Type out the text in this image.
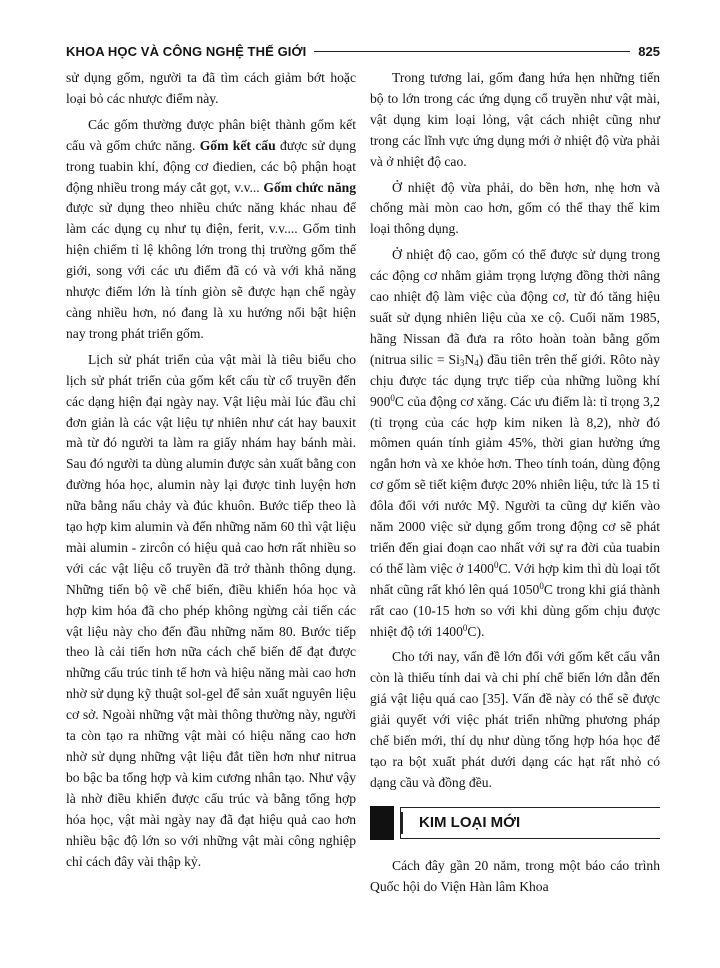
KHOA HỌC VÀ CÔNG NGHỆ THẾ GIỚI	825

sử dụng gốm, người ta đã tìm cách giảm bớt hoặc loại bỏ các nhược điểm này.

Các gốm thường được phân biệt thành gốm kết cấu và gốm chức năng. Gốm kết cấu được sử dụng trong tuabin khí, động cơ điedien, các bộ phận hoạt động nhiều trong máy cắt gọt, v.v... Gốm chức năng được sử dụng theo nhiều chức năng khác nhau để làm các dụng cụ như tụ điện, ferit, v.v.... Gốm tinh hiện chiếm tỉ lệ không lớn trong thị trường gốm thế giới, song với các ưu điểm đã có và với khả năng nhược điểm lớn là tính giòn sẽ được hạn chế ngày càng nhiều hơn, nó đang là xu hướng nổi bật hiện nay trong phát triển gốm.

Lịch sử phát triển của vật mài là tiêu biểu cho lịch sử phát triển của gốm kết cấu từ cổ truyền đến các dạng hiện đại ngày nay. Vật liệu mài lúc đầu chỉ đơn giản là các vật liệu tự nhiên như cát hay bauxit mà từ đó người ta làm ra giấy nhám hay bánh mài. Sau đó người ta dùng alumin được sản xuất bằng con đường hóa học, alumin này lại được tinh luyện hơn nữa bằng nấu chảy và đúc khuôn. Bước tiếp theo là tạo hợp kim alumin và đến những năm 60 thì vật liệu mài alumin - zircôn có hiệu quả cao hơn rất nhiều so với các vật liệu cổ truyền đã trở thành thông dụng. Những tiến bộ về chế biến, điều khiển hóa học và hợp kim hóa đã cho phép không ngừng cải tiến các vật liệu này cho đến đầu những năm 80. Bước tiếp theo là cải tiến hơn nữa cách chế biến để đạt được những cấu trúc tinh tế hơn và hiệu năng mài cao hơn nhờ sử dụng kỹ thuật sol-gel để sản xuất nguyên liệu cơ sở. Ngoài những vật mài thông thường này, người ta còn tạo ra những vật mài có hiệu năng cao hơn nhờ sử dụng những vật liệu đắt tiền hơn như nitrua bo bậc ba tổng hợp và kim cương nhân tạo. Như vậy là nhờ điều khiển được cấu trúc và bằng tổng hợp hóa học, vật mài ngày nay đã đạt hiệu quả cao hơn nhiều bậc độ lớn so với những vật mài công nghiệp chỉ cách đây vài thập kỷ.

Trong tương lai, gốm đang hứa hẹn những tiến bộ to lớn trong các ứng dụng cổ truyền như vật mài, vật dụng kim loại lỏng, vật cách nhiệt cũng như trong các lĩnh vực ứng dụng mới ở nhiệt độ vừa phải và ở nhiệt độ cao.

Ở nhiệt độ vừa phải, do bền hơn, nhẹ hơn và chống mài mòn cao hơn, gốm có thể thay thế kim loại thông dụng.

Ở nhiệt độ cao, gốm có thể được sử dụng trong các động cơ nhằm giảm trọng lượng đồng thời nâng cao nhiệt độ làm việc của động cơ, từ đó tăng hiệu suất sử dụng nhiên liệu của xe cộ. Cuối năm 1985, hãng Nissan đã đưa ra rôto hoàn toàn bằng gốm (nitrua silic = $Si_3N_4$) đầu tiên trên thế giới. Rôto này chịu được tác dụng trực tiếp của những luồng khí $900^0C$ của động cơ xăng. Các ưu điểm là: tỉ trọng 3,2 (tỉ trọng của các hợp kim niken là 8,2), nhờ đó mômen quán tính giảm 45%, thời gian hưởng ứng ngắn hơn và xe khỏe hơn. Theo tính toán, dùng động cơ gốm sẽ tiết kiệm được 20% nhiên liệu, tức là 15 tỉ đôla đối với nước Mỹ. Người ta cũng dự kiến vào năm 2000 việc sử dụng gốm trong động cơ sẽ phát triển đến giai đoạn cao nhất với sự ra đời của tuabin có thể làm việc ở 1400$^0$C. Với hợp kim thì dù loại tốt nhất cũng rất khó lên quá 1050$^0$C trong khi giá thành rất cao (10-15 hơn so với khi dùng gốm chịu được nhiệt độ tới 1400$^0$C).

Cho tới nay, vấn đề lớn đối với gốm kết cấu vẫn còn là thiếu tính dai và chi phí chế biến lớn dẫn đến giá vật liệu quá cao [35]. Vấn đề này có thể sẽ được giải quyết với việc phát triển những phương pháp chế biến mới, thí dụ như dùng tổng hợp hóa học để tạo ra bột xuất phát dưới dạng các hạt rất nhỏ có dạng cầu và đồng đều.

KIM LOẠI MỚI

Cách đây gần 20 năm, trong một báo cáo trình Quốc hội do Viện Hàn lâm Khoa
